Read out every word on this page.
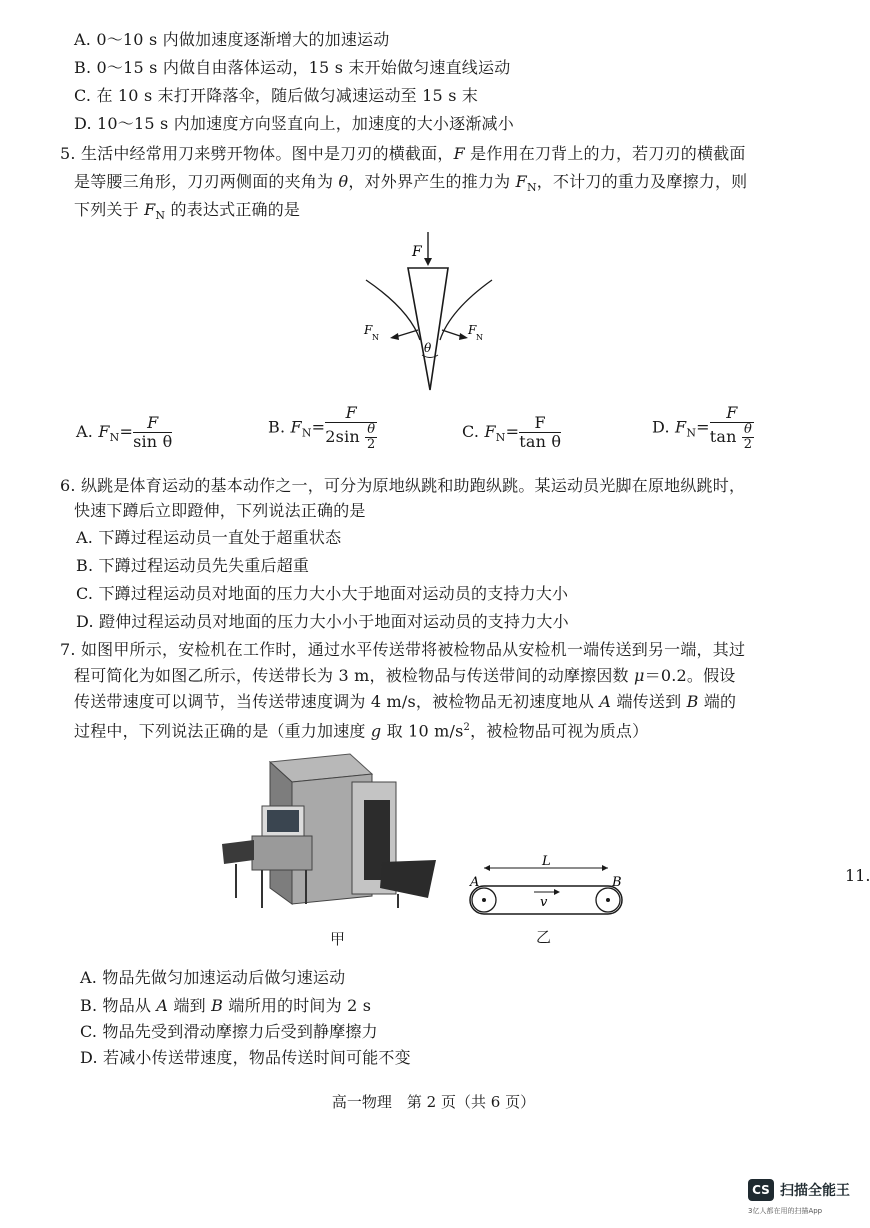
A. 0～10 s 内做加速度逐渐增大的加速运动
B. 0～15 s 内做自由落体运动，15 s 末开始做匀速直线运动
C. 在 10 s 末打开降落伞，随后做匀减速运动至 15 s 末
D. 10～15 s 内加速度方向竖直向上，加速度的大小逐渐减小
5. 生活中经常用刀来劈开物体。图中是刀刃的横截面，F 是作用在刀背上的力，若刀刃的横截面
是等腰三角形，刀刃两侧面的夹角为 θ，对外界产生的推力为 $F_N$，不计刀的重力及摩擦力，则
下列关于 $F_N$ 的表达式正确的是
F
F
N
F
N
θ
A. $F_N= \frac{F}{\text{sin θ}}$	B. $F_N= \frac{F}{2\sin \frac{\theta}{2}}$	C. $F_N= \frac{F}{\text{tan θ}}$	D. $F_N= \frac{F}{\tan \frac{\theta}{2}}$
6. 纵跳是体育运动的基本动作之一，可分为原地纵跳和助跑纵跳。某运动员光脚在原地纵跳时，
快速下蹲后立即蹬伸，下列说法正确的是
A. 下蹲过程运动员一直处于超重状态
B. 下蹲过程运动员先失重后超重
C. 下蹲过程运动员对地面的压力大小大于地面对运动员的支持力大小
D. 蹬伸过程运动员对地面的压力大小小于地面对运动员的支持力大小
7. 如图甲所示，安检机在工作时，通过水平传送带将被检物品从安检机一端传送到另一端，其过
程可简化为如图乙所示，传送带长为 3 m，被检物品与传送带间的动摩擦因数 μ＝0.2。假设
传送带速度可以调节，当传送带速度调为 4 m/s，被检物品无初速度地从 A 端传送到 B 端的
过程中，下列说法正确的是（重力加速度 g 取 10 $m/s^2$，被检物品可视为质点）
甲
L
A	B
v
乙
11.
A. 物品先做匀加速运动后做匀速运动
B. 物品从 A 端到 B 端所用的时间为 2 s
C. 物品先受到滑动摩擦力后受到静摩擦力
D. 若减小传送带速度，物品传送时间可能不变
高一物理　第 2 页（共 6 页）
CS 扫描全能王
3亿人都在用的扫描App
